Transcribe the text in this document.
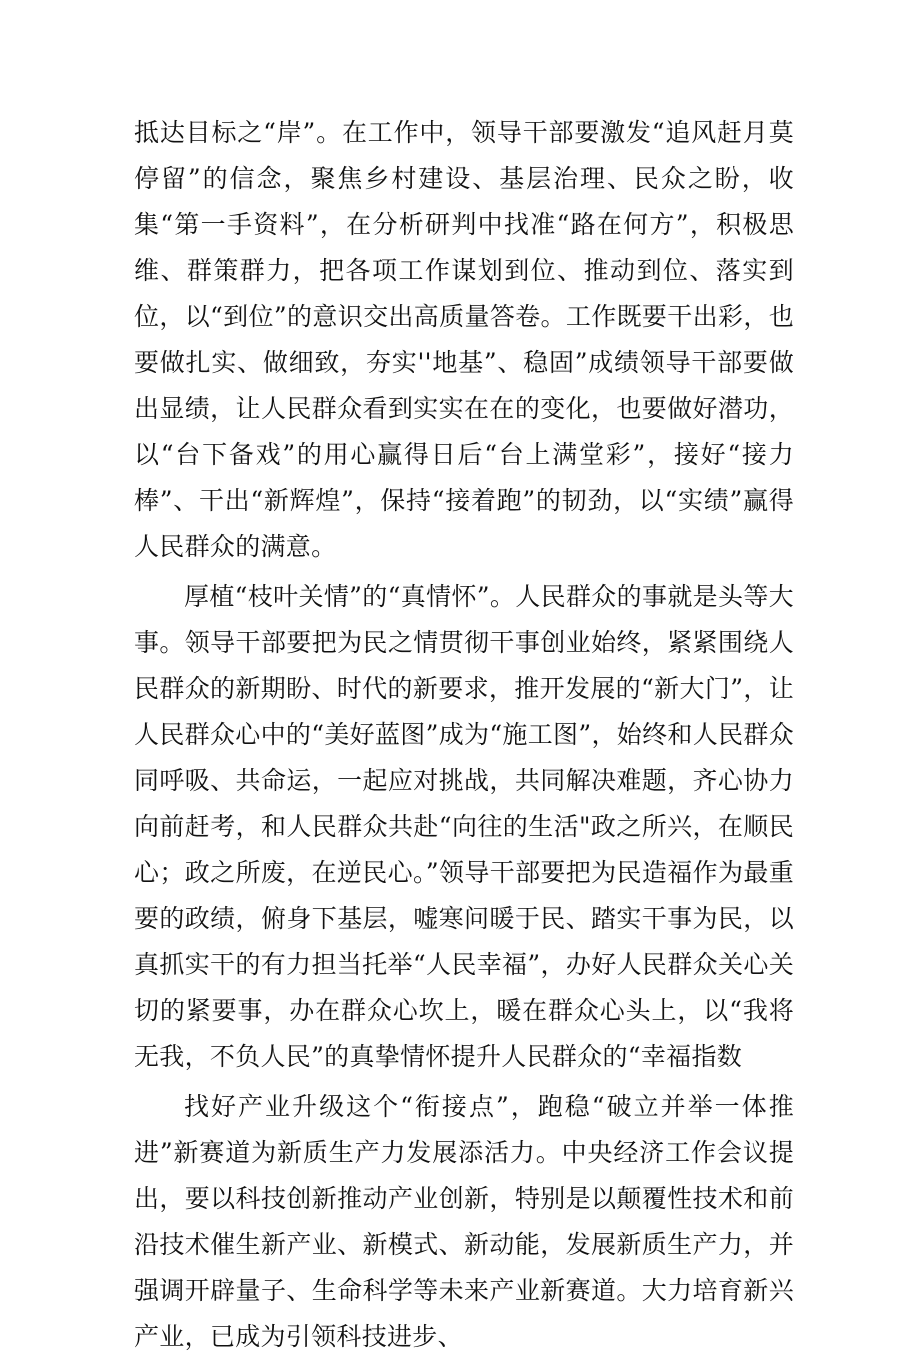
抵达目标之“岸”。在工作中，领导干部要激发“追风赶月莫停留”的信念，聚焦乡村建设、基层治理、民众之盼，收集“第一手资料”，在分析研判中找准“路在何方”，积极思维、群策群力，把各项工作谋划到位、推动到位、落实到位，以“到位”的意识交出高质量答卷。工作既要干出彩，也要做扎实、做细致，夯实''地基”、稳固”成绩领导干部要做出显绩，让人民群众看到实实在在的变化，也要做好潜功，以“台下备戏”的用心赢得日后“台上满堂彩”，接好“接力棒”、干出“新辉煌”，保持“接着跑”的韧劲，以“实绩”赢得人民群众的满意。

厚植“枝叶关情”的“真情怀”。人民群众的事就是头等大事。领导干部要把为民之情贯彻干事创业始终，紧紧围绕人民群众的新期盼、时代的新要求，推开发展的“新大门”，让人民群众心中的“美好蓝图”成为“施工图”，始终和人民群众同呼吸、共命运，一起应对挑战，共同解决难题，齐心协力向前赶考，和人民群众共赴“向往的生活"政之所兴，在顺民心；政之所废，在逆民心。”领导干部要把为民造福作为最重要的政绩，俯身下基层，嘘寒问暖于民、踏实干事为民，以真抓实干的有力担当托举“人民幸福”，办好人民群众关心关切的紧要事，办在群众心坎上，暖在群众心头上，以“我将无我，不负人民”的真挚情怀提升人民群众的“幸福指数

找好产业升级这个“衔接点”，跑稳“破立并举一体推进”新赛道为新质生产力发展添活力。中央经济工作会议提出，要以科技创新推动产业创新，特别是以颠覆性技术和前沿技术催生新产业、新模式、新动能，发展新质生产力，并强调开辟量子、生命科学等未来产业新赛道。大力培育新兴产业，已成为引领科技进步、
